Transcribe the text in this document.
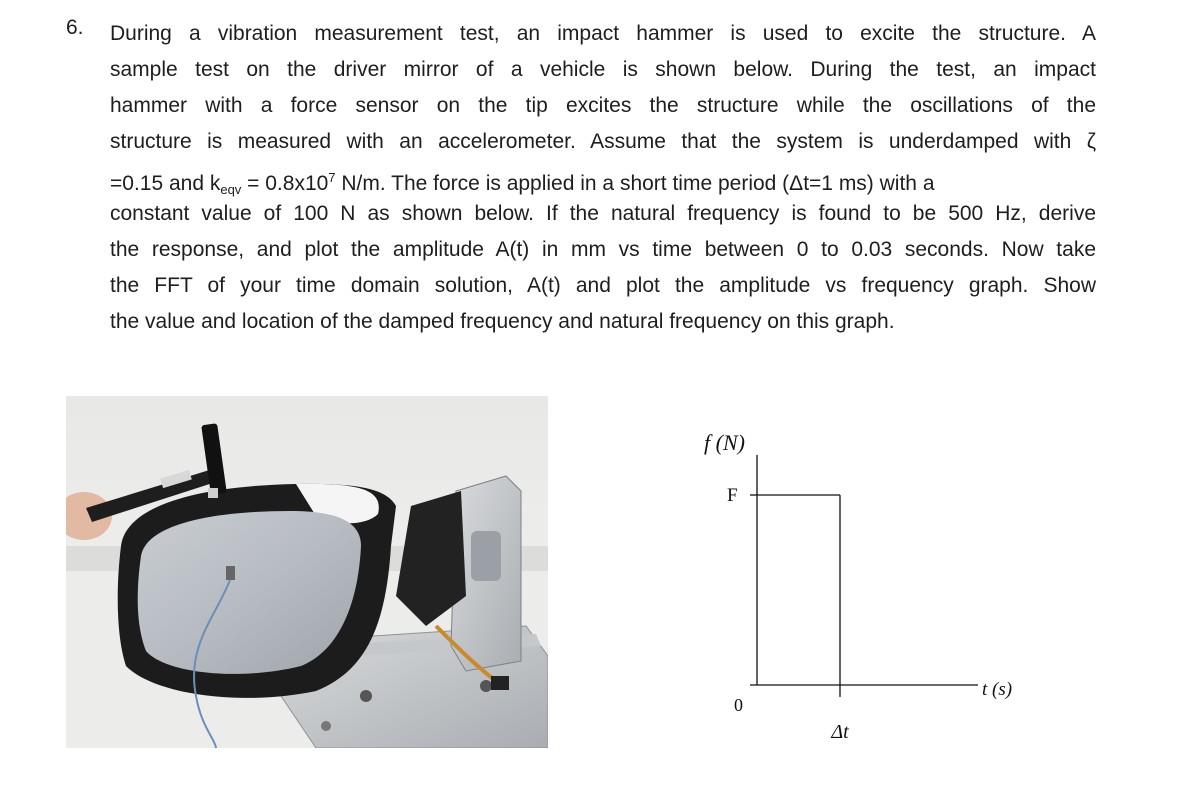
6. During a vibration measurement test, an impact hammer is used to excite the structure. A
sample test on the driver mirror of a vehicle is shown below. During the test, an impact
hammer with a force sensor on the tip excites the structure while the oscillations of the
structure is measured with an accelerometer. Assume that the system is underdamped with ζ
=0.15 and $k_{eqv} = 0.8x10^7$ N/m. The force is applied in a short time period (Δt=1 ms) with a
constant value of 100 N as shown below. If the natural frequency is found to be 500 Hz, derive
the response, and plot the amplitude A(t) in mm vs time between 0 to 0.03 seconds. Now take
the FFT of your time domain solution, A(t) and plot the amplitude vs frequency graph. Show
the value and location of the damped frequency and natural frequency on this graph.
f (N)
F
0
t (s)
Δt
